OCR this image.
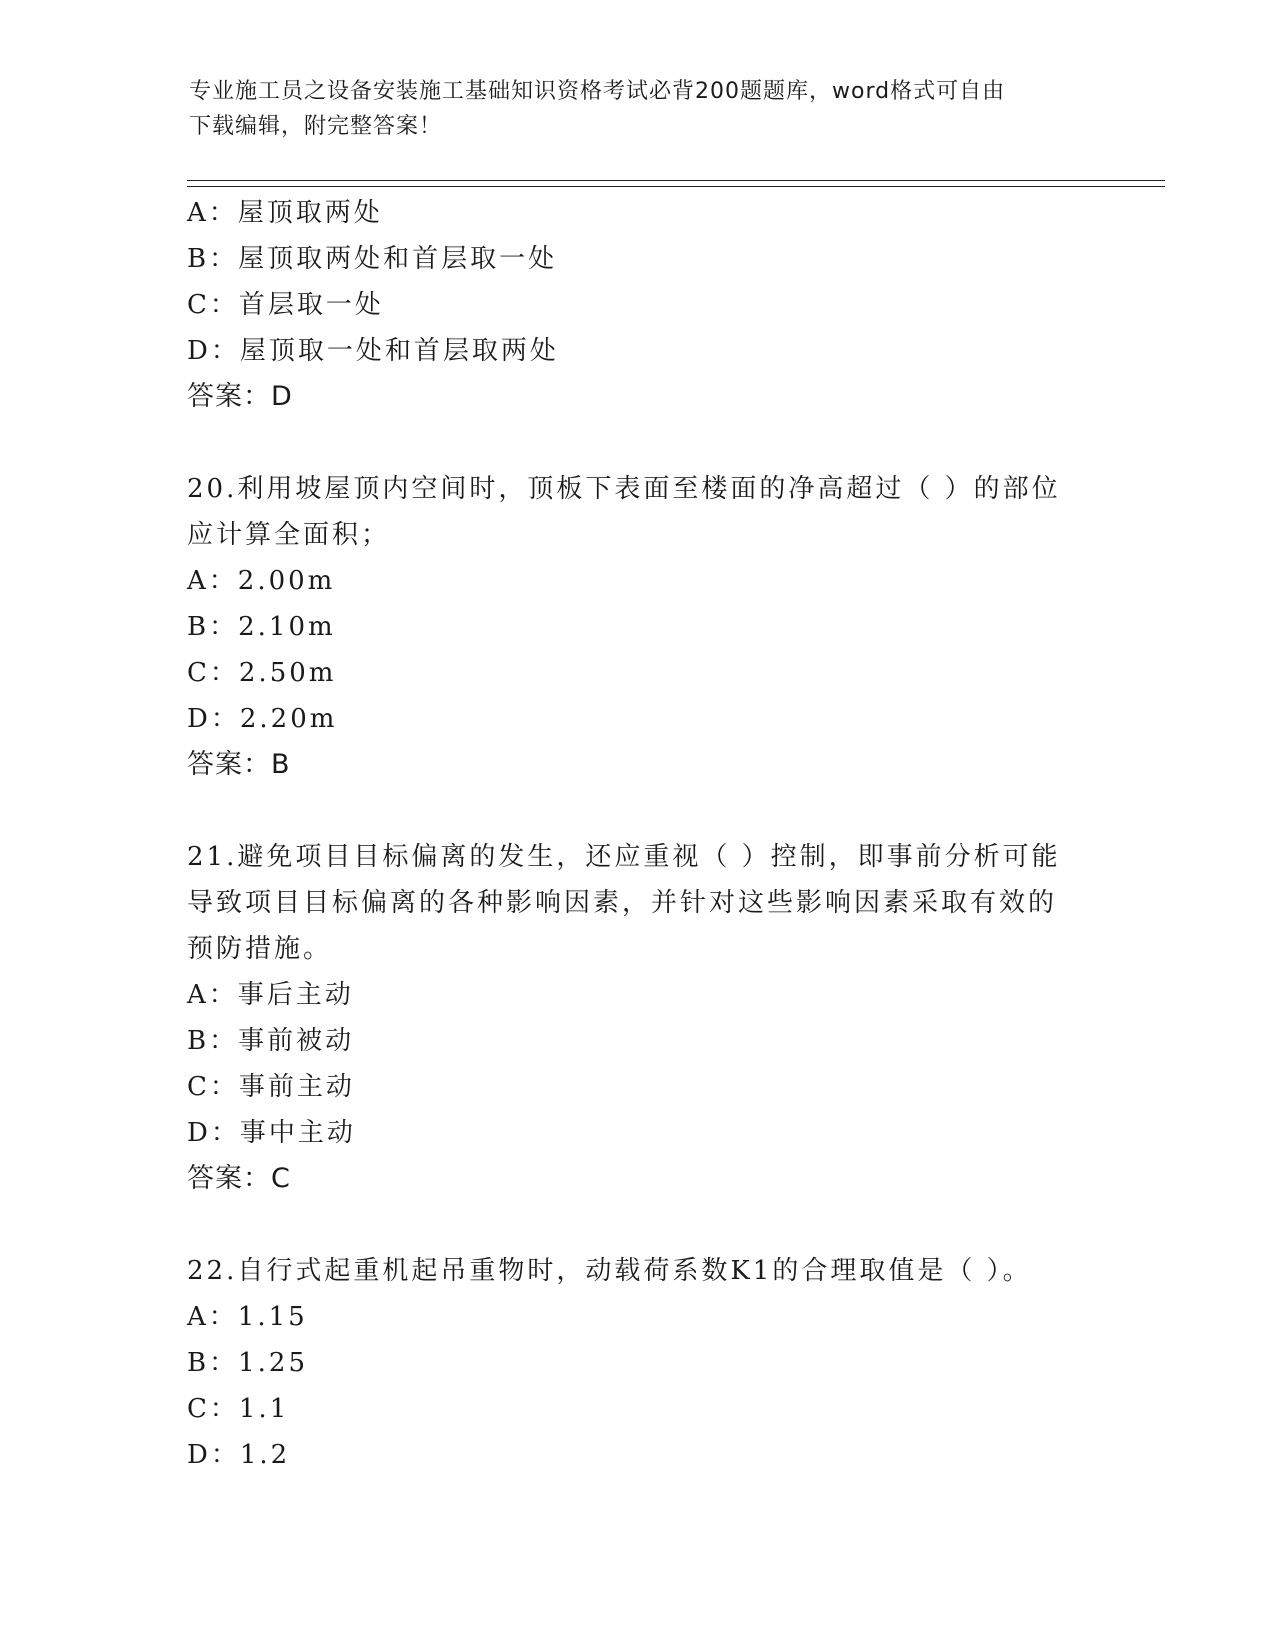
专业施工员之设备安装施工基础知识资格考试必背200题题库，word格式可自由
下载编辑，附完整答案！

A：屋顶取两处

B：屋顶取两处和首层取一处

C：首层取一处

D：屋顶取一处和首层取两处

答案：D

20.利用坡屋顶内空间时，顶板下表面至楼面的净高超过（ ）的部位

应计算全面积；

A：2.00m

B：2.10m

C：2.50m

D：2.20m

答案：B

21.避免项目目标偏离的发生，还应重视（ ）控制，即事前分析可能

导致项目目标偏离的各种影响因素，并针对这些影响因素采取有效的

预防措施。

A：事后主动

B：事前被动

C：事前主动

D：事中主动

答案：C

22.自行式起重机起吊重物时，动载荷系数K1的合理取值是（ ）。

A：1.15

B：1.25

C：1.1

D：1.2
